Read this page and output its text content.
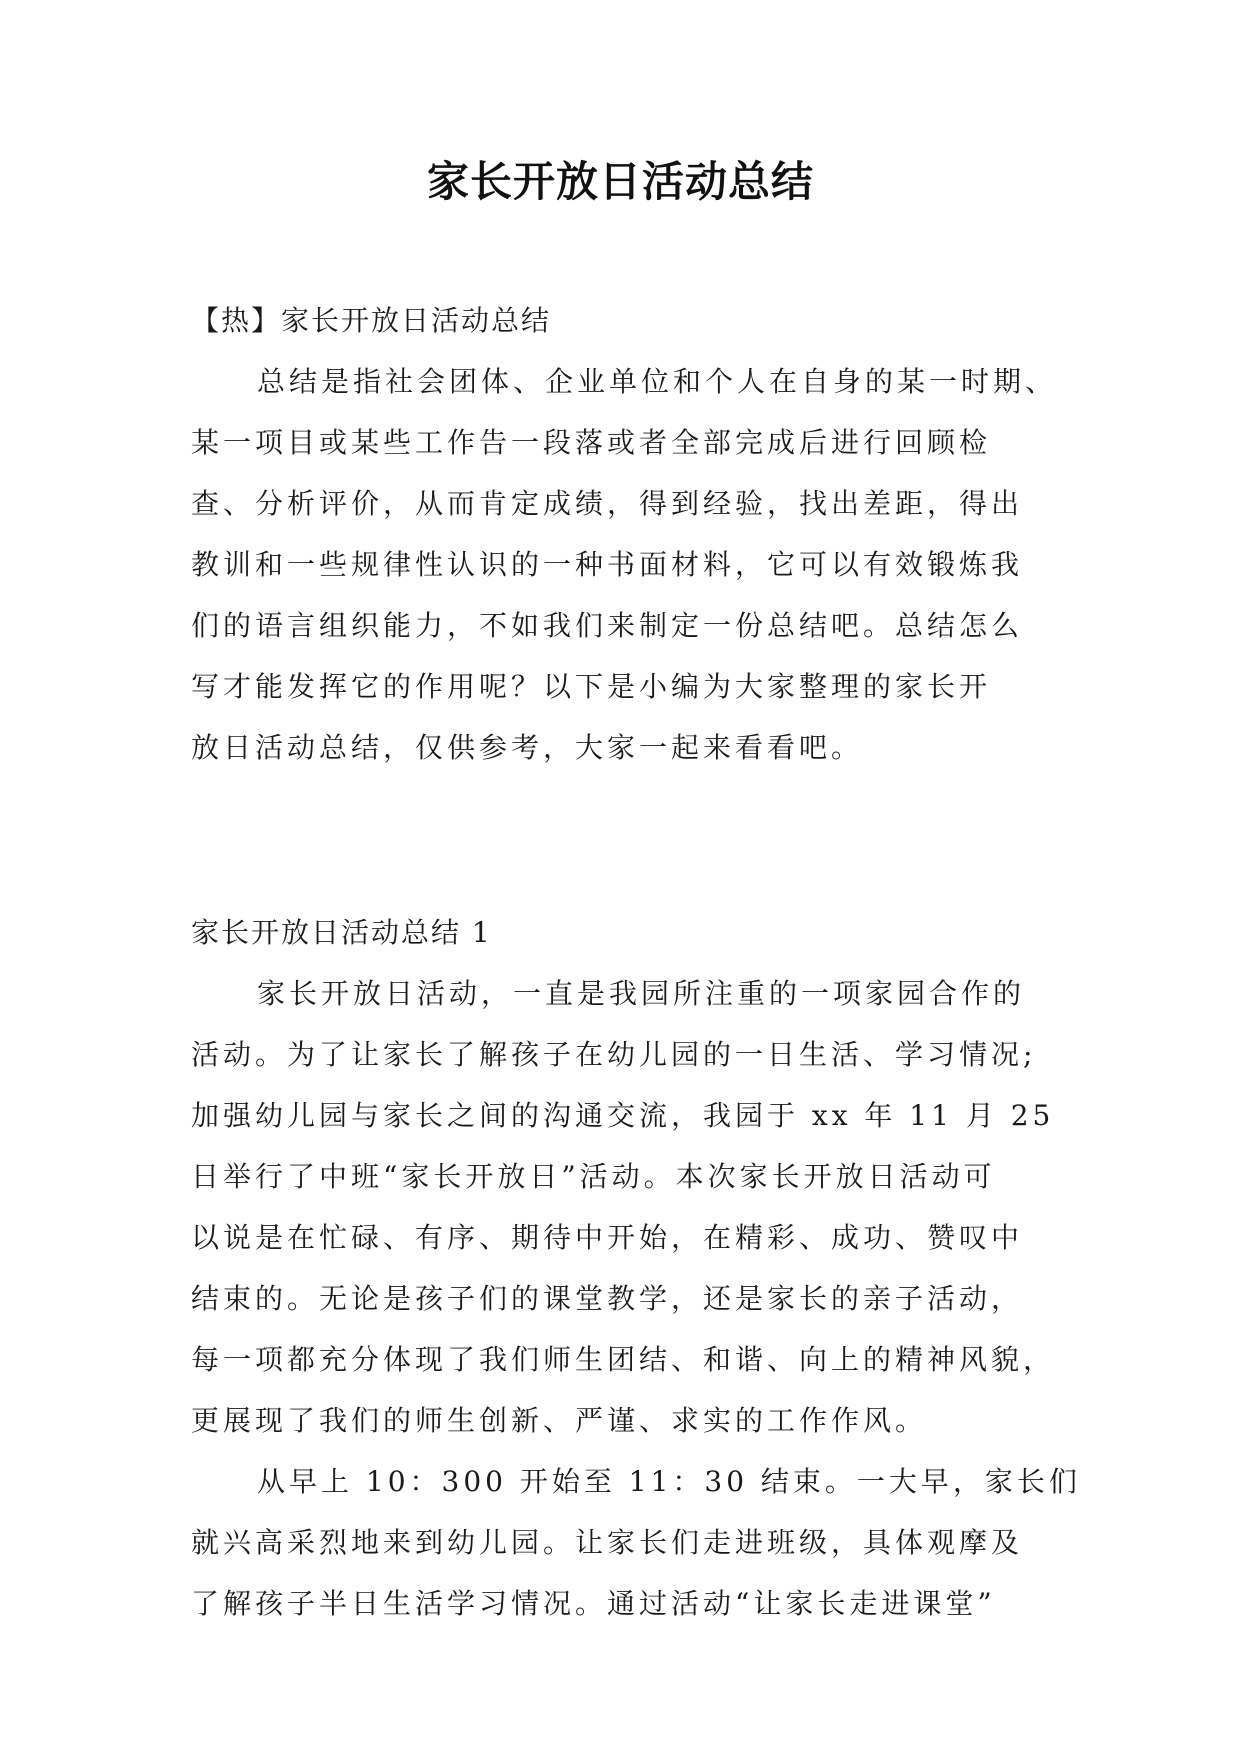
家长开放日活动总结
【热】家长开放日活动总结
总结是指社会团体、企业单位和个人在自身的某一时期、
某一项目或某些工作告一段落或者全部完成后进行回顾检
查、分析评价，从而肯定成绩，得到经验，找出差距，得出
教训和一些规律性认识的一种书面材料，它可以有效锻炼我
们的语言组织能力，不如我们来制定一份总结吧。总结怎么
写才能发挥它的作用呢？以下是小编为大家整理的家长开
放日活动总结，仅供参考，大家一起来看看吧。
家长开放日活动总结 1
家长开放日活动，一直是我园所注重的一项家园合作的
活动。为了让家长了解孩子在幼儿园的一日生活、学习情况;
加强幼儿园与家长之间的沟通交流，我园于 xx 年 11 月 25
日举行了中班“家长开放日”活动。本次家长开放日活动可
以说是在忙碌、有序、期待中开始，在精彩、成功、赞叹中
结束的。无论是孩子们的课堂教学，还是家长的亲子活动，
每一项都充分体现了我们师生团结、和谐、向上的精神风貌，
更展现了我们的师生创新、严谨、求实的工作作风。
从早上 10：300 开始至 11：30 结束。一大早，家长们
就兴高采烈地来到幼儿园。让家长们走进班级，具体观摩及
了解孩子半日生活学习情况。通过活动“让家长走进课堂”
